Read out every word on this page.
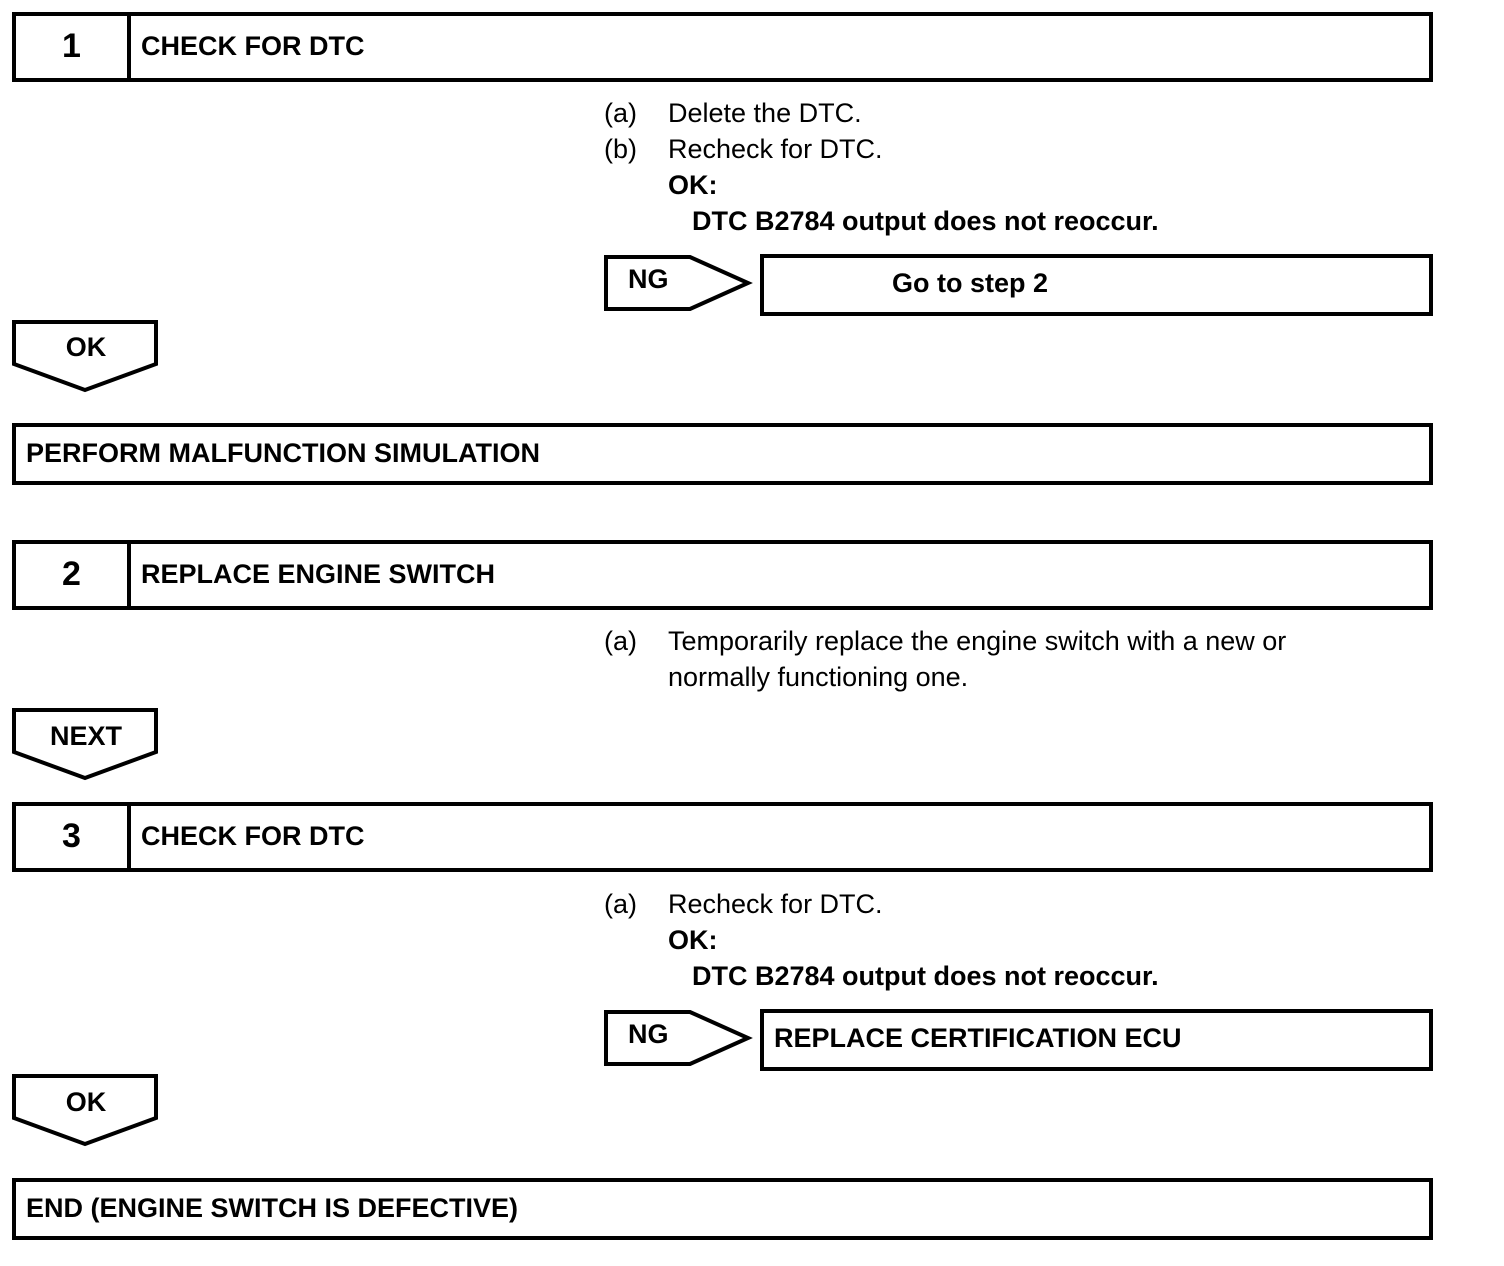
1	CHECK FOR DTC
(a) Delete the DTC.
(b) Recheck for DTC.
OK:
DTC B2784 output does not reoccur.
NG	Go to step 2
OK
PERFORM MALFUNCTION SIMULATION
2	REPLACE ENGINE SWITCH
(a) Temporarily replace the engine switch with a new or
normally functioning one.
NEXT
3	CHECK FOR DTC
(a) Recheck for DTC.
OK:
DTC B2784 output does not reoccur.
NG	REPLACE CERTIFICATION ECU
OK
END (ENGINE SWITCH IS DEFECTIVE)
